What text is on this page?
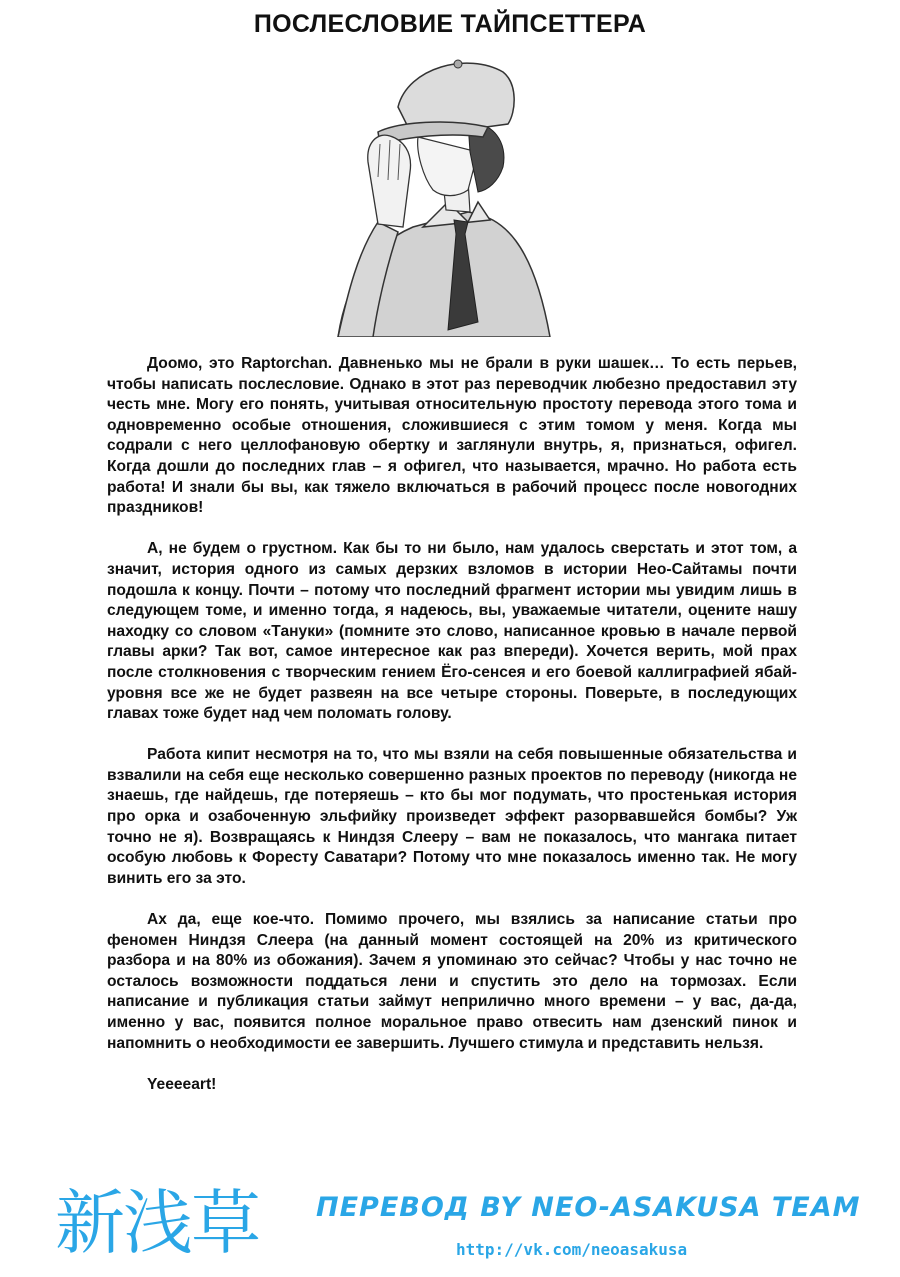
ПОСЛЕСЛОВИЕ ТАЙПСЕТТЕРА

Доомо, это Raptorchan. Давненько мы не брали в руки шашек… То есть перьев, чтобы написать послесловие. Однако в этот раз переводчик любезно предоставил эту честь мне. Могу его понять, учитывая относительную простоту перевода этого тома и одновременно особые отношения, сложившиеся с этим томом у меня. Когда мы содрали с него целлофановую обертку и заглянули внутрь, я, признаться, офигел. Когда дошли до последних глав – я офигел, что называется, мрачно. Но работа есть работа! И знали бы вы, как тяжело включаться в рабочий процесс после новогодних праздников!

А, не будем о грустном. Как бы то ни было, нам удалось сверстать и этот том, а значит, история одного из самых дерзких взломов в истории Нео-Сайтамы почти подошла к концу. Почти – потому что последний фрагмент истории мы увидим лишь в следующем томе, и именно тогда, я надеюсь, вы, уважаемые читатели, оцените нашу находку со словом «Тануки» (помните это слово, написанное кровью в начале первой главы арки? Так вот, самое интересное как раз впереди). Хочется верить, мой прах после столкновения с творческим гением Ёго-сенсея и его боевой каллиграфией ябай-уровня все же не будет развеян на все четыре стороны. Поверьте, в последующих главах тоже будет над чем поломать голову.

Работа кипит несмотря на то, что мы взяли на себя повышенные обязательства и взвалили на себя еще несколько совершенно разных проектов по переводу (никогда не знаешь, где найдешь, где потеряешь – кто бы мог подумать, что простенькая история про орка и озабоченную эльфийку произведет эффект разорвавшейся бомбы? Уж точно не я). Возвращаясь к Ниндзя Слееру – вам не показалось, что мангака питает особую любовь к Форесту Саватари? Потому что мне показалось именно так. Не могу винить его за это.

Ах да, еще кое-что. Помимо прочего, мы взялись за написание статьи про феномен Ниндзя Слеера (на данный момент состоящей на 20% из критического разбора и на 80% из обожания). Зачем я упоминаю это сейчас? Чтобы у нас точно не осталось возможности поддаться лени и спустить это дело на тормозах. Если написание и публикация статьи займут неприлично много времени – у вас, да-да, именно у вас, появится полное моральное право отвесить нам дзенский пинок и напомнить о необходимости ее завершить. Лучшего стимула и представить нельзя.

Yeeeeart!

新浅草	ПЕРЕВОД BY NEO-ASAKUSA TEAM
http://vk.com/neoasakusa
